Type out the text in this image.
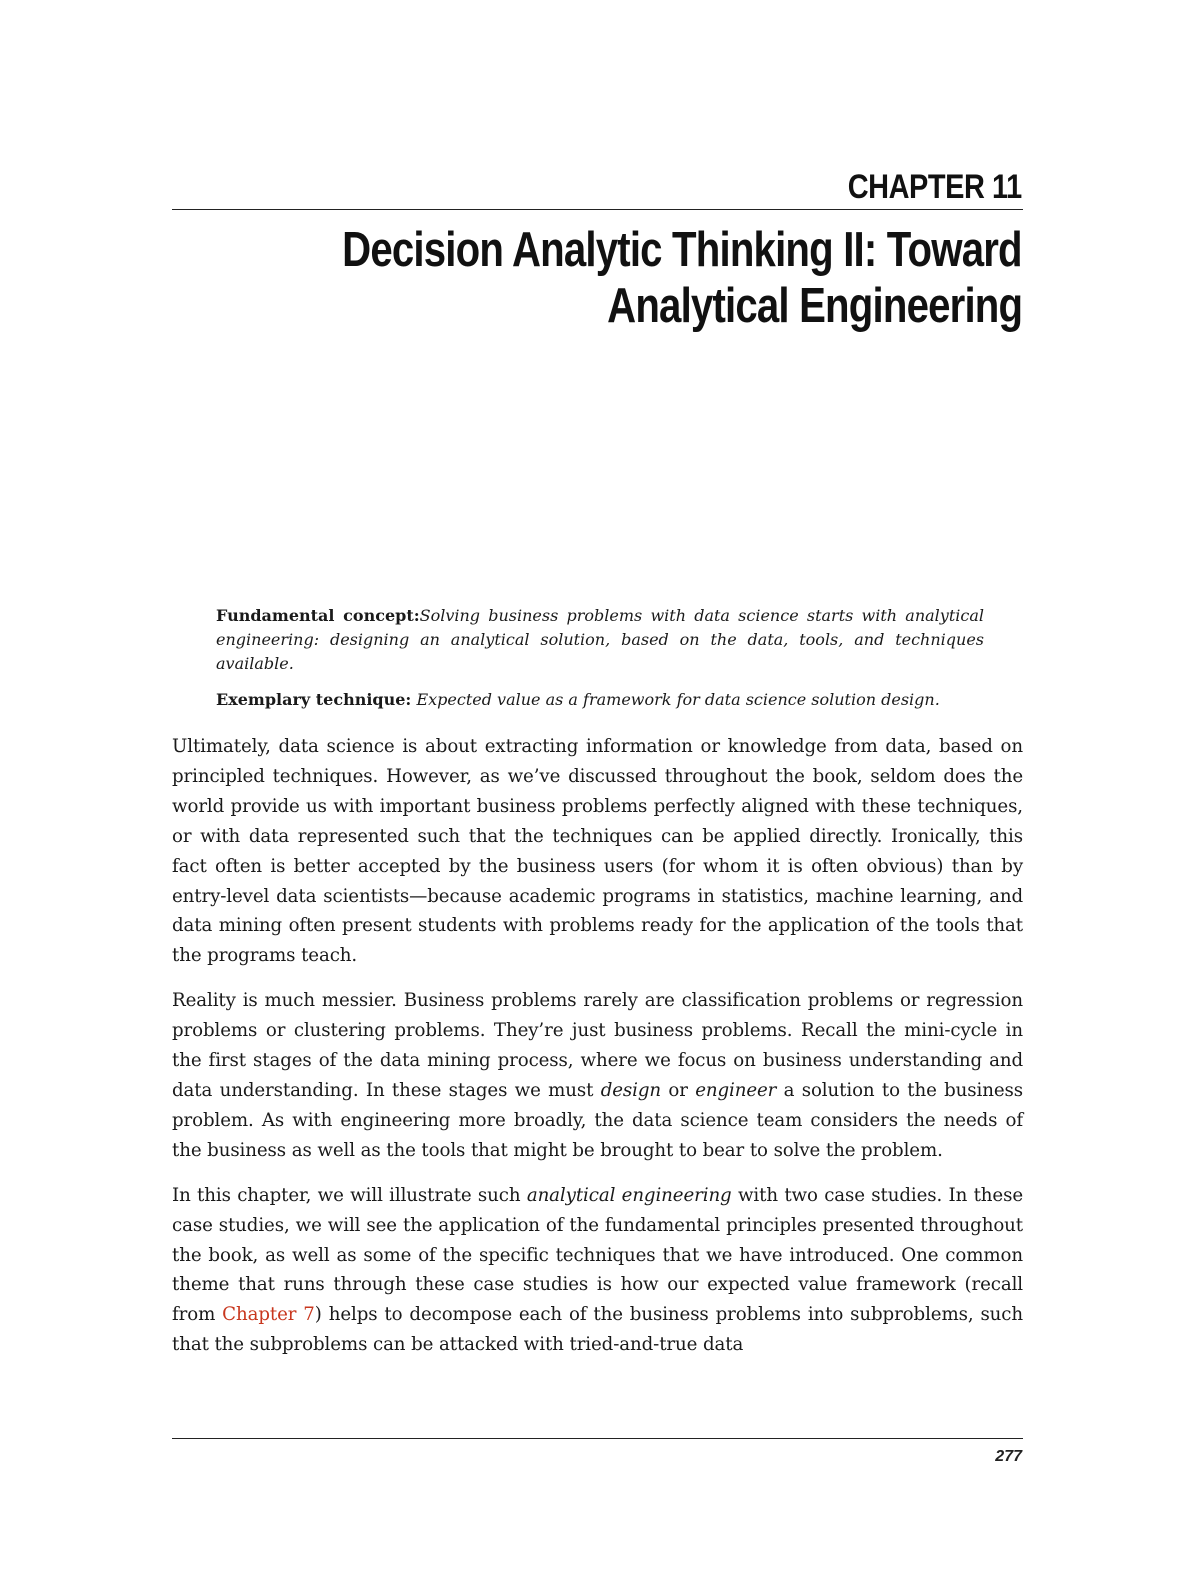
CHAPTER 11
Decision Analytic Thinking II: Toward
Analytical Engineering

Fundamental concept:Solving business problems with data science starts with analytical engineering: designing an analytical solution, based on the data, tools, and techniques available.

Exemplary technique: Expected value as a framework for data science solution design.

Ultimately, data science is about extracting information or knowledge from data, based on principled techniques. However, as we’ve discussed throughout the book, seldom does the world provide us with important business problems perfectly aligned with these techniques, or with data represented such that the techniques can be applied directly. Ironically, this fact often is better accepted by the business users (for whom it is often obvious) than by entry-level data scientists—because academic programs in statistics, machine learning, and data mining often present students with problems ready for the application of the tools that the programs teach.

Reality is much messier. Business problems rarely are classification problems or regression problems or clustering problems. They’re just business problems. Recall the mini-cycle in the first stages of the data mining process, where we focus on business understanding and data understanding. In these stages we must design or engineer a solution to the business problem. As with engineering more broadly, the data science team considers the needs of the business as well as the tools that might be brought to bear to solve the problem.

In this chapter, we will illustrate such analytical engineering with two case studies. In these case studies, we will see the application of the fundamental principles presented throughout the book, as well as some of the specific techniques that we have introduced. One common theme that runs through these case studies is how our expected value framework (recall from Chapter 7) helps to decompose each of the business problems into subproblems, such that the subproblems can be attacked with tried-and-true data

277
